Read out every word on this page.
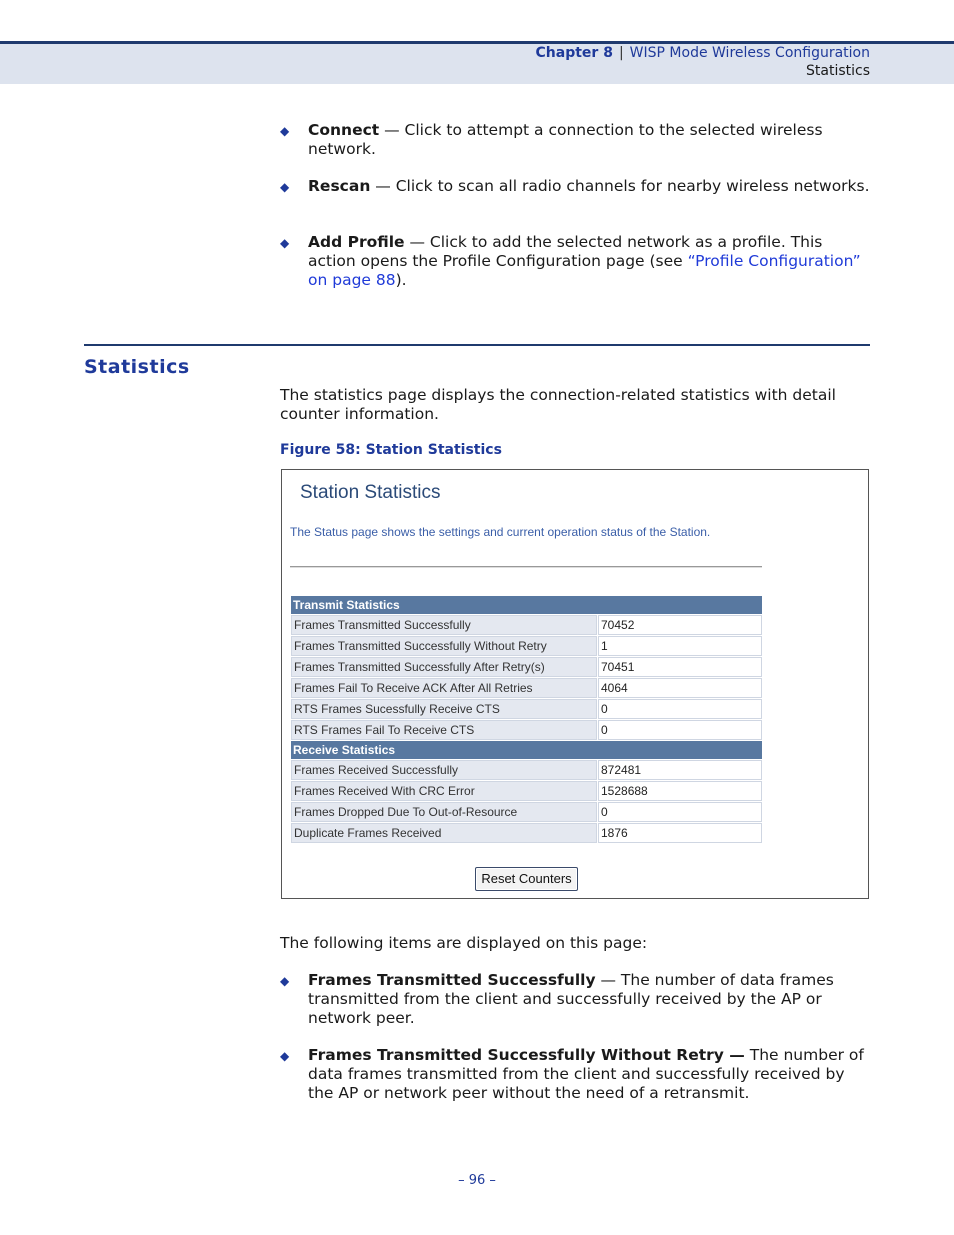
Chapter 8 | WISP Mode Wireless Configuration
Statistics
◆ Connect — Click to attempt a connection to the selected wireless network.
◆ Rescan — Click to scan all radio channels for nearby wireless networks.
◆ Add Profile — Click to add the selected network as a profile. This action opens the Profile Configuration page (see “Profile Configuration” on page 88).
Statistics
The statistics page displays the connection-related statistics with detail counter information.
Figure 58: Station Statistics
Station Statistics
The Status page shows the settings and current operation status of the Station.
Transmit Statistics	
Frames Transmitted Successfully	70452
Frames Transmitted Successfully Without Retry	1
Frames Transmitted Successfully After Retry(s)	70451
Frames Fail To Receive ACK After All Retries	4064
RTS Frames Sucessfully Receive CTS	0
RTS Frames Fail To Receive CTS	0
Receive Statistics	
Frames Received Successfully	872481
Frames Received With CRC Error	1528688
Frames Dropped Due To Out-of-Resource	0
Duplicate Frames Received	1876
Reset Counters
The following items are displayed on this page:
◆ Frames Transmitted Successfully — The number of data frames transmitted from the client and successfully received by the AP or network peer.
◆ Frames Transmitted Successfully Without Retry — The number of data frames transmitted from the client and successfully received by the AP or network peer without the need of a retransmit.
– 96 –
